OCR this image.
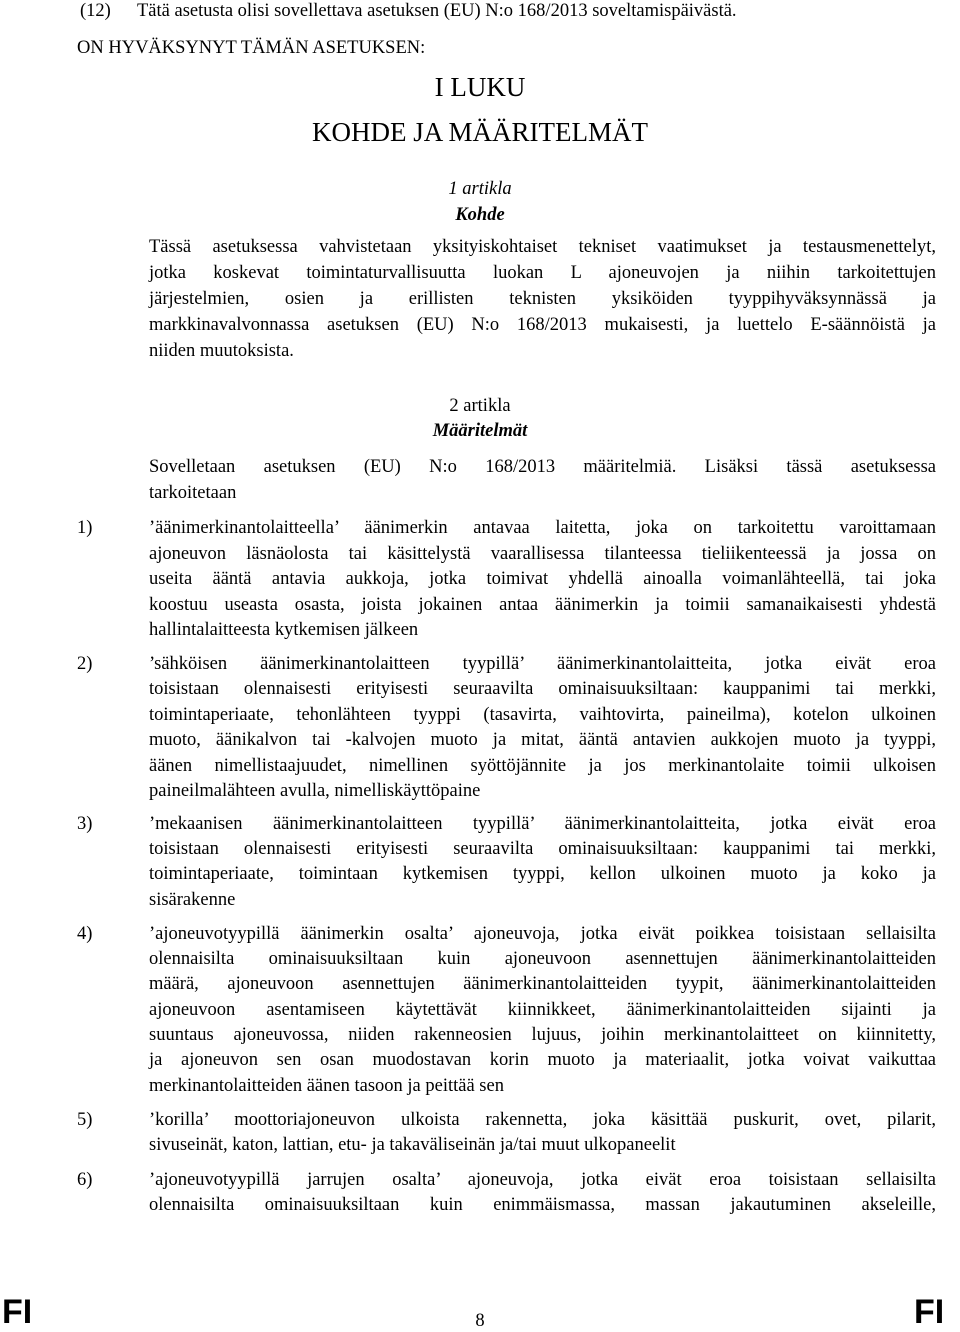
(12) Tätä asetusta olisi sovellettava asetuksen (EU) N:o 168/2013 soveltamispäivästä.
ON HYVÄKSYNYT TÄMÄN ASETUKSEN:
I LUKU
KOHDE JA MÄÄRITELMÄT
1 artikla
Kohde
Tässä asetuksessa vahvistetaan yksityiskohtaiset tekniset vaatimukset ja testausmenettelyt,
jotka koskevat toimintaturvallisuutta luokan L ajoneuvojen ja niihin tarkoitettujen
järjestelmien, osien ja erillisten teknisten yksiköiden tyyppihyväksynnässä ja
markkinavalvonnassa asetuksen (EU) N:o 168/2013 mukaisesti, ja luettelo E-säännöistä ja
niiden muutoksista.
2 artikla
Määritelmät
Sovelletaan asetuksen (EU) N:o 168/2013 määritelmiä. Lisäksi tässä asetuksessa
tarkoitetaan
1)	’äänimerkinantolaitteella’ äänimerkin antavaa laitetta, joka on tarkoitettu varoittamaan
ajoneuvon läsnäolosta tai käsittelystä vaarallisessa tilanteessa tieliikenteessä ja jossa on
useita ääntä antavia aukkoja, jotka toimivat yhdellä ainoalla voimanlähteellä, tai joka
koostuu useasta osasta, joista jokainen antaa äänimerkin ja toimii samanaikaisesti yhdestä
hallintalaitteesta kytkemisen jälkeen
2)	’sähköisen äänimerkinantolaitteen tyypillä’ äänimerkinantolaitteita, jotka eivät eroa
toisistaan olennaisesti erityisesti seuraavilta ominaisuuksiltaan: kauppanimi tai merkki,
toimintaperiaate, tehonlähteen tyyppi (tasavirta, vaihtovirta, paineilma), kotelon ulkoinen
muoto, äänikalvon tai -kalvojen muoto ja mitat, ääntä antavien aukkojen muoto ja tyyppi,
äänen nimellistaajuudet, nimellinen syöttöjännite ja jos merkinantolaite toimii ulkoisen
paineilmalähteen avulla, nimelliskäyttöpaine
3)	’mekaanisen äänimerkinantolaitteen tyypillä’ äänimerkinantolaitteita, jotka eivät eroa
toisistaan olennaisesti erityisesti seuraavilta ominaisuuksiltaan: kauppanimi tai merkki,
toimintaperiaate, toimintaan kytkemisen tyyppi, kellon ulkoinen muoto ja koko ja
sisärakenne
4)	’ajoneuvotyypillä äänimerkin osalta’ ajoneuvoja, jotka eivät poikkea toisistaan sellaisilta
olennaisilta ominaisuuksiltaan kuin ajoneuvoon asennettujen äänimerkinantolaitteiden
määrä, ajoneuvoon asennettujen äänimerkinantolaitteiden tyypit, äänimerkinantolaitteiden
ajoneuvoon asentamiseen käytettävät kiinnikkeet, äänimerkinantolaitteiden sijainti ja
suuntaus ajoneuvossa, niiden rakenneosien lujuus, joihin merkinantolaitteet on kiinnitetty,
ja ajoneuvon sen osan muodostavan korin muoto ja materiaalit, jotka voivat vaikuttaa
merkinantolaitteiden äänen tasoon ja peittää sen
5)	’korilla’ moottoriajoneuvon ulkoista rakennetta, joka käsittää puskurit, ovet, pilarit,
sivuseinät, katon, lattian, etu- ja takaväliseinän ja/tai muut ulkopaneelit
6)	’ajoneuvotyypillä jarrujen osalta’ ajoneuvoja, jotka eivät eroa toisistaan sellaisilta
olennaisilta ominaisuuksiltaan kuin enimmäismassa, massan jakautuminen akseleille,
FI	8	FI
